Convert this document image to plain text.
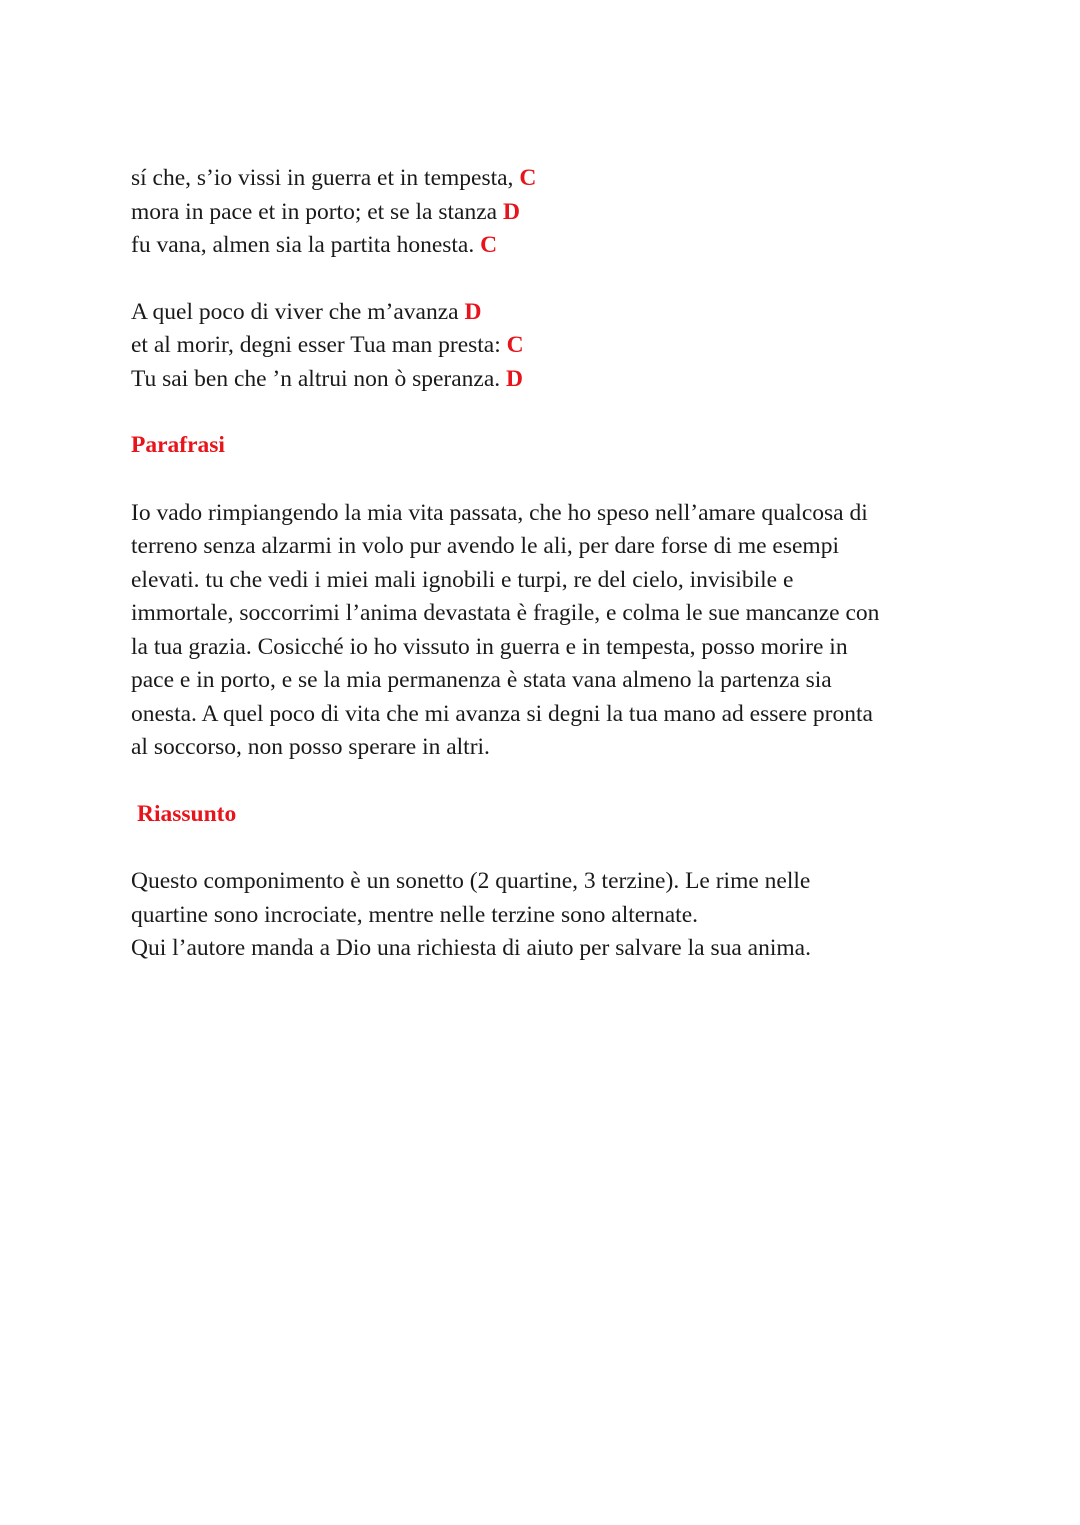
sí che, s’io vissi in guerra et in tempesta, C
mora in pace et in porto; et se la stanza D
fu vana, almen sia la partita honesta. C
A quel poco di viver che m’avanza D
et al morir, degni esser Tua man presta: C
Tu sai ben che ’n altrui non ò speranza. D
Parafrasi

Io vado rimpiangendo la mia vita passata, che ho speso nell’amare qualcosa di
terreno senza alzarmi in volo pur avendo le ali, per dare forse di me esempi
elevati. tu che vedi i miei mali ignobili e turpi, re del cielo, invisibile e
immortale, soccorrimi l’anima devastata è fragile, e colma le sue mancanze con
la tua grazia. Cosicché io ho vissuto in guerra e in tempesta, posso morire in
pace e in porto, e se la mia permanenza è stata vana almeno la partenza sia
onesta. A quel poco di vita che mi avanza si degni la tua mano ad essere pronta
al soccorso, non posso sperare in altri.

Riassunto

Questo componimento è un sonetto (2 quartine, 3 terzine). Le rime nelle
quartine sono incrociate, mentre nelle terzine sono alternate.
Qui l’autore manda a Dio una richiesta di aiuto per salvare la sua anima.
